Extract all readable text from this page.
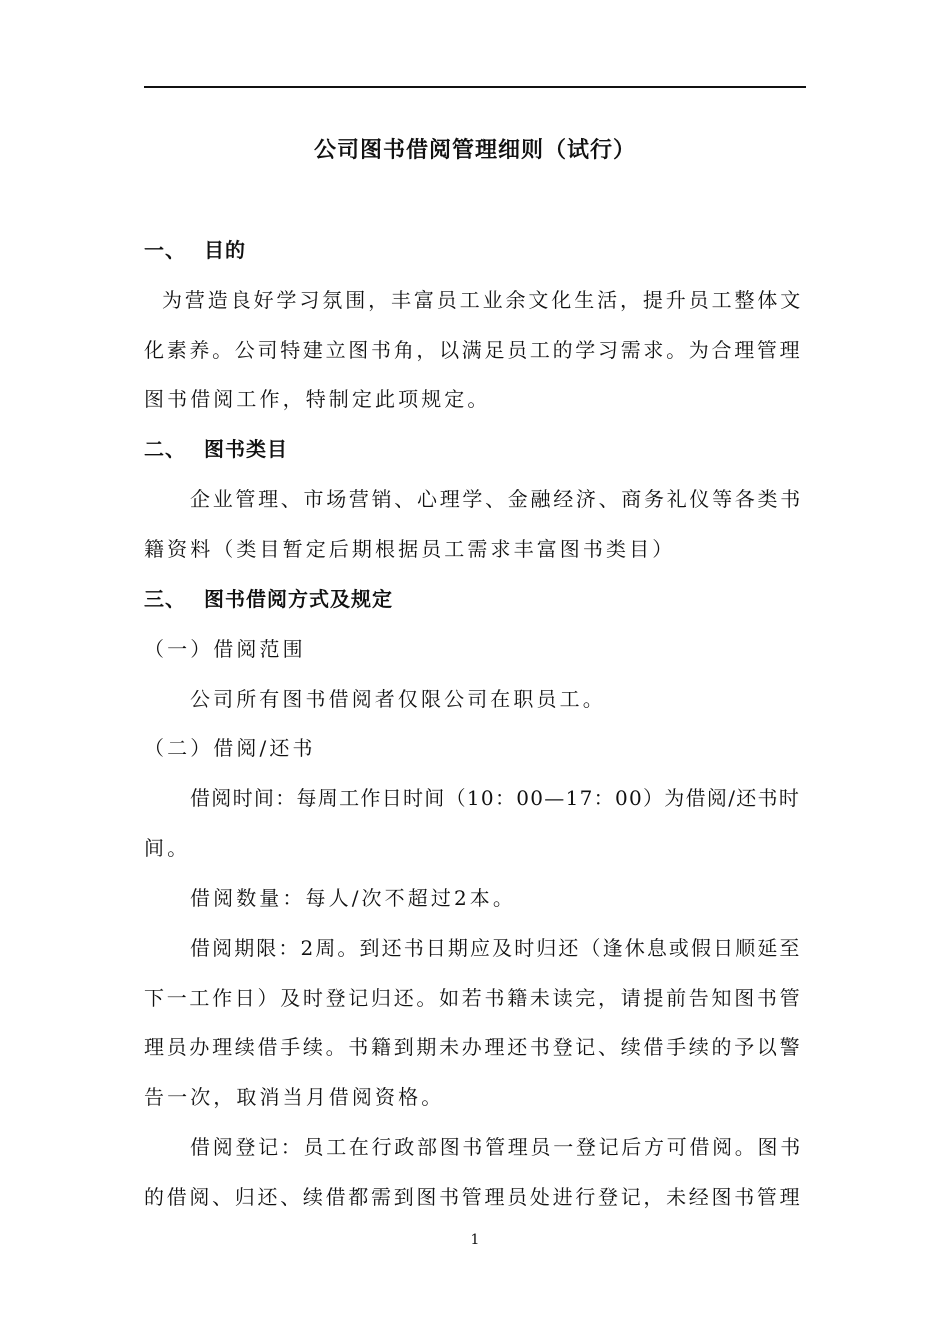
公司图书借阅管理细则（试行）
一、 目的
为营造良好学习氛围，丰富员工业余文化生活，提升员工整体文
化素养。公司特建立图书角，以满足员工的学习需求。为合理管理
图书借阅工作，特制定此项规定。
二、 图书类目
企业管理、市场营销、心理学、金融经济、商务礼仪等各类书
籍资料（类目暂定后期根据员工需求丰富图书类目）
三、 图书借阅方式及规定
（一）借阅范围
公司所有图书借阅者仅限公司在职员工。
（二）借阅/还书
借阅时间：每周工作日时间（10：00—17：00）为借阅/还书时
间。
借阅数量：每人/次不超过2本。
借阅期限：2周。到还书日期应及时归还（逢休息或假日顺延至
下一工作日）及时登记归还。如若书籍未读完，请提前告知图书管
理员办理续借手续。书籍到期未办理还书登记、续借手续的予以警
告一次，取消当月借阅资格。
借阅登记：员工在行政部图书管理员一登记后方可借阅。图书
的借阅、归还、续借都需到图书管理员处进行登记，未经图书管理
1
